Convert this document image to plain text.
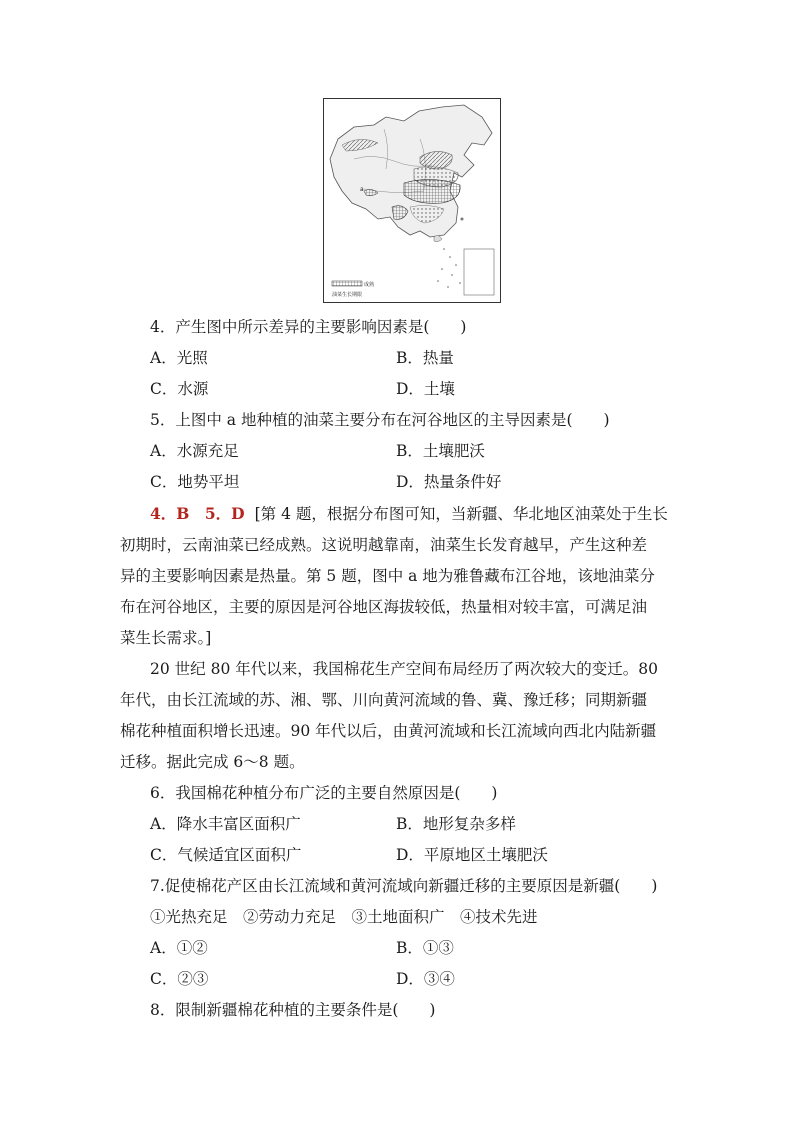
a
成熟
油菜生长期限
4．产生图中所示差异的主要影响因素是(　　)
A．光照	B．热量
C．水源	D．土壤
5．上图中 a 地种植的油菜主要分布在河谷地区的主导因素是(　　)
A．水源充足	B．土壤肥沃
C．地势平坦	D．热量条件好
4．B　5．D [第 4 题，根据分布图可知，当新疆、华北地区油菜处于生长
初期时，云南油菜已经成熟。这说明越靠南，油菜生长发育越早，产生这种差
异的主要影响因素是热量。第 5 题，图中 a 地为雅鲁藏布江谷地，该地油菜分
布在河谷地区，主要的原因是河谷地区海拔较低，热量相对较丰富，可满足油
菜生长需求。]
20 世纪 80 年代以来，我国棉花生产空间布局经历了两次较大的变迁。80
年代，由长江流域的苏、湘、鄂、川向黄河流域的鲁、冀、豫迁移；同期新疆
棉花种植面积增长迅速。90 年代以后，由黄河流域和长江流域向西北内陆新疆
迁移。据此完成 6～8 题。
6．我国棉花种植分布广泛的主要自然原因是(　　)
A．降水丰富区面积广	B．地形复杂多样
C．气候适宜区面积广	D．平原地区土壤肥沃
7.促使棉花产区由长江流域和黄河流域向新疆迁移的主要原因是新疆(　　)
①光热充足　②劳动力充足　③土地面积广　④技术先进
A．①②	B．①③
C．②③	D．③④
8．限制新疆棉花种植的主要条件是(　　)
